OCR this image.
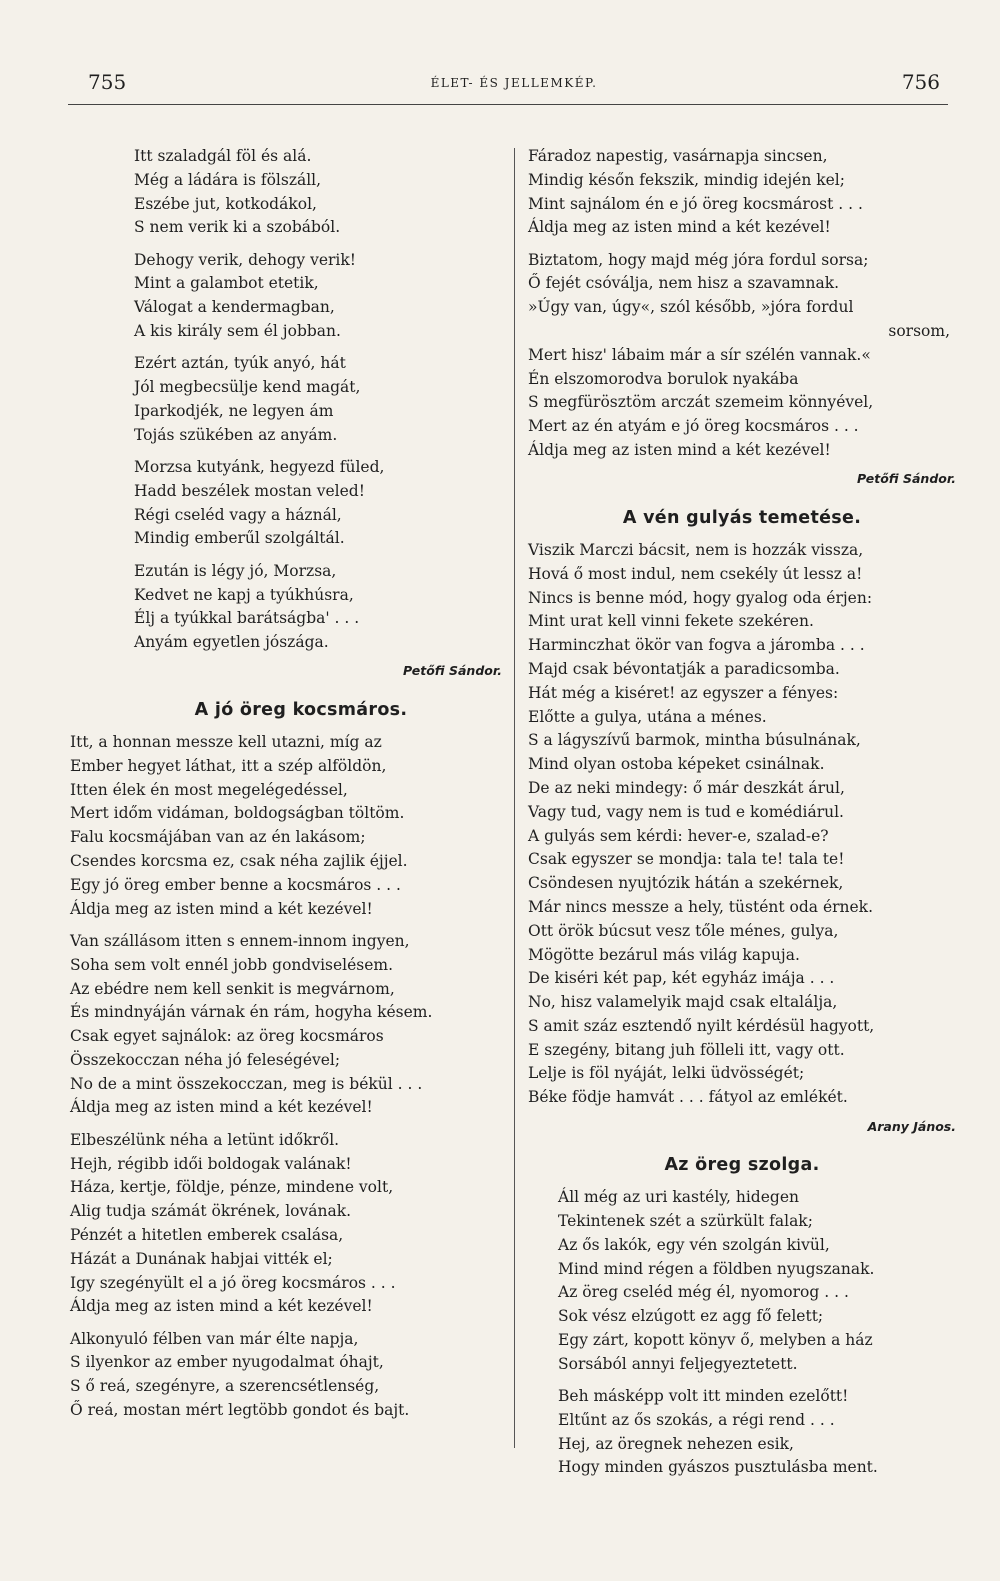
755	ÉLET- ÉS JELLEMKÉP.	756
Itt szaladgál föl és alá.
Még a ládára is fölszáll,
Eszébe jut, kotkodákol,
S nem verik ki a szobából.
Dehogy verik, dehogy verik!
Mint a galambot etetik,
Válogat a kendermagban,
A kis király sem él jobban.
Ezért aztán, tyúk anyó, hát
Jól megbecsülje kend magát,
Iparkodjék, ne legyen ám
Tojás szükében az anyám.
Morzsa kutyánk, hegyezd füled,
Hadd beszélek mostan veled!
Régi cseléd vagy a háznál,
Mindig emberűl szolgáltál.
Ezután is légy jó, Morzsa,
Kedvet ne kapj a tyúkhúsra,
Élj a tyúkkal barátságba' . . .
Anyám egyetlen jószága.
Petőfi Sándor.
A jó öreg kocsmáros.
Itt, a honnan messze kell utazni, míg az
Ember hegyet láthat, itt a szép alföldön,
Itten élek én most megelégedéssel,
Mert időm vidáman, boldogságban töltöm.
Falu kocsmájában van az én lakásom;
Csendes korcsma ez, csak néha zajlik éjjel.
Egy jó öreg ember benne a kocsmáros . . .
Áldja meg az isten mind a két kezével!
Van szállásom itten s ennem-innom ingyen,
Soha sem volt ennél jobb gondviselésem.
Az ebédre nem kell senkit is megvárnom,
És mindnyáján várnak én rám, hogyha késem.
Csak egyet sajnálok: az öreg kocsmáros
Összekocczan néha jó feleségével;
No de a mint összekocczan, meg is békül . . .
Áldja meg az isten mind a két kezével!
Elbeszélünk néha a letünt időkről.
Hejh, régibb idői boldogak valának!
Háza, kertje, földje, pénze, mindene volt,
Alig tudja számát ökrének, lovának.
Pénzét a hitetlen emberek csalása,
Házát a Dunának habjai vitték el;
Igy szegényült el a jó öreg kocsmáros . . .
Áldja meg az isten mind a két kezével!
Alkonyuló félben van már élte napja,
S ilyenkor az ember nyugodalmat óhajt,
S ő reá, szegényre, a szerencsétlenség,
Ő reá, mostan mért legtöbb gondot és bajt.
Fáradoz napestig, vasárnapja sincsen,
Mindig későn fekszik, mindig idején kel;
Mint sajnálom én e jó öreg kocsmárost . . .
Áldja meg az isten mind a két kezével!
Biztatom, hogy majd még jóra fordul sorsa;
Ő fejét csóválja, nem hisz a szavamnak.
»Úgy van, úgy«, szól később, »jóra fordul
sorsom,
Mert hisz' lábaim már a sír szélén vannak.«
Én elszomorodva borulok nyakába
S megfürösztöm arczát szemeim könnyével,
Mert az én atyám e jó öreg kocsmáros . . .
Áldja meg az isten mind a két kezével!
Petőfi Sándor.
A vén gulyás temetése.
Viszik Marczi bácsit, nem is hozzák vissza,
Hová ő most indul, nem csekély út lessz a!
Nincs is benne mód, hogy gyalog oda érjen:
Mint urat kell vinni fekete szekéren.
Harminczhat ökör van fogva a járomba . . .
Majd csak bévontatják a paradicsomba.
Hát még a kiséret! az egyszer a fényes:
Előtte a gulya, utána a ménes.
S a lágyszívű barmok, mintha búsulnának,
Mind olyan ostoba képeket csinálnak.
De az neki mindegy: ő már deszkát árul,
Vagy tud, vagy nem is tud e komédiárul.
A gulyás sem kérdi: hever-e, szalad-e?
Csak egyszer se mondja: tala te! tala te!
Csöndesen nyujtózik hátán a szekérnek,
Már nincs messze a hely, tüstént oda érnek.
Ott örök búcsut vesz tőle ménes, gulya,
Mögötte bezárul más világ kapuja.
De kiséri két pap, két egyház imája . . .
No, hisz valamelyik majd csak eltalálja,
S amit száz esztendő nyilt kérdésül hagyott,
E szegény, bitang juh fölleli itt, vagy ott.
Lelje is föl nyáját, lelki üdvösségét;
Béke födje hamvát . . . fátyol az emlékét.
Arany János.
Az öreg szolga.
Áll még az uri kastély, hidegen
Tekintenek szét a szürkült falak;
Az ős lakók, egy vén szolgán kivül,
Mind mind régen a földben nyugszanak.
Az öreg cseléd még él, nyomorog . . .
Sok vész elzúgott ez agg fő felett;
Egy zárt, kopott könyv ő, melyben a ház
Sorsából annyi feljegyeztetett.
Beh másképp volt itt minden ezelőtt!
Eltűnt az ős szokás, a régi rend . . .
Hej, az öregnek nehezen esik,
Hogy minden gyászos pusztulásba ment.
